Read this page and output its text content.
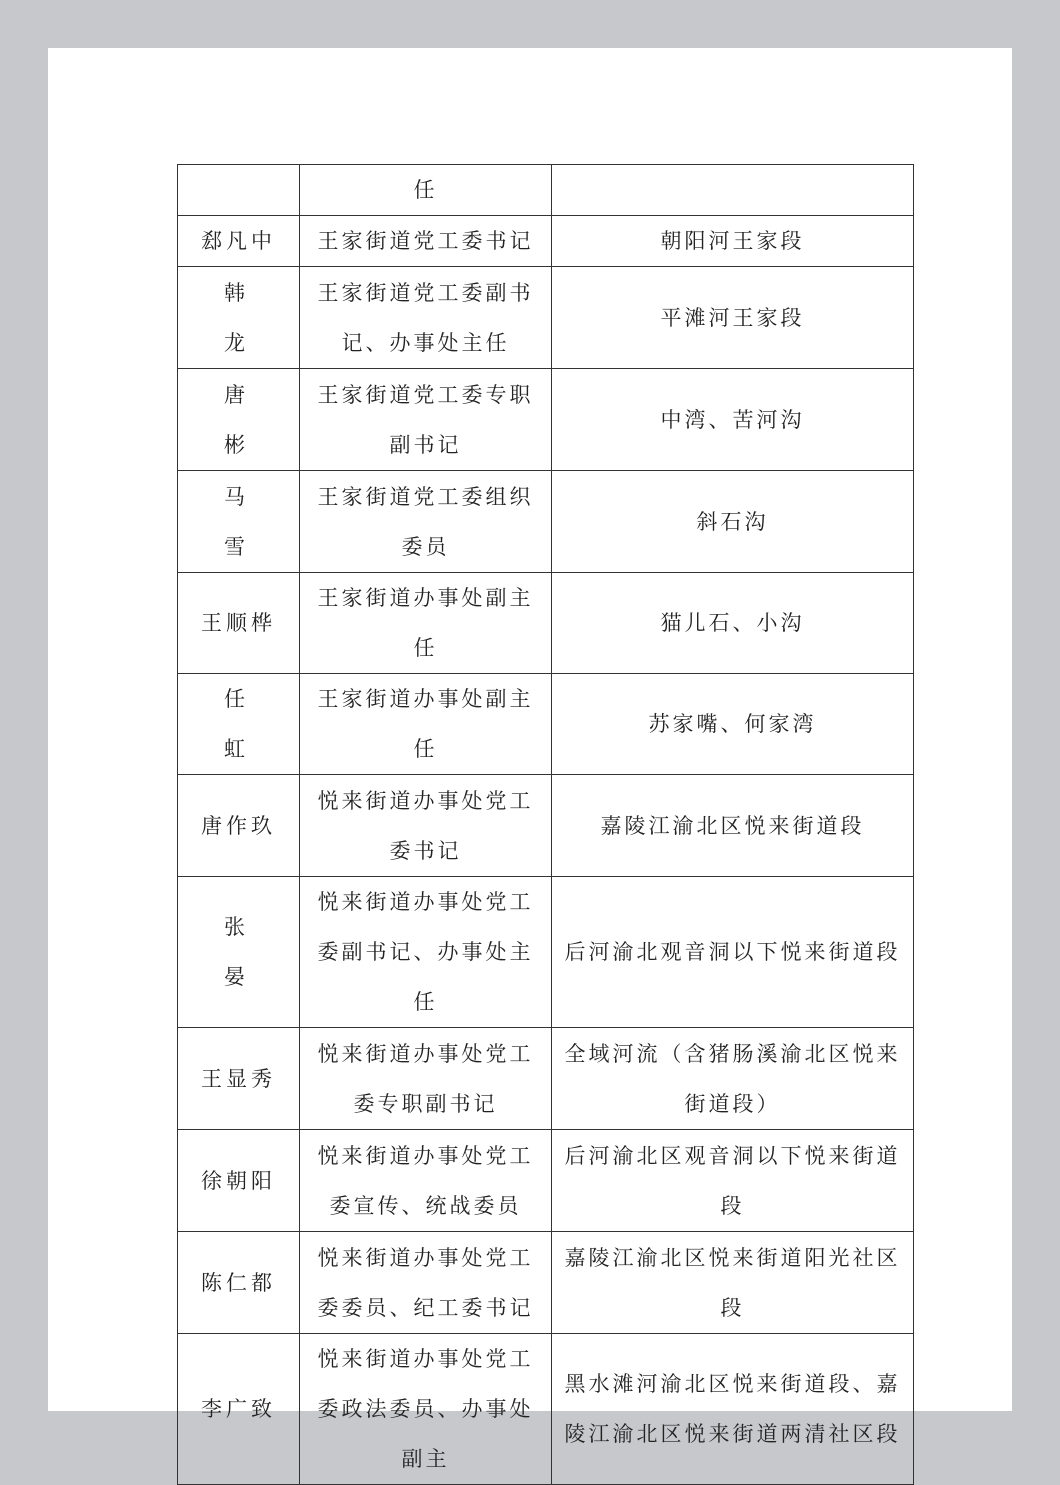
	任	
郄凡中	王家街道党工委书记	朝阳河王家段
韩龙	王家街道党工委副书记、办事处主任	平滩河王家段
唐彬	王家街道党工委专职副书记	中湾、苦河沟
马雪	王家街道党工委组织委员	斜石沟
王顺桦	王家街道办事处副主任	猫儿石、小沟
任虹	王家街道办事处副主任	苏家嘴、何家湾
唐作玖	悦来街道办事处党工委书记	嘉陵江渝北区悦来街道段
张晏	悦来街道办事处党工委副书记、办事处主任	后河渝北观音洞以下悦来街道段
王显秀	悦来街道办事处党工委专职副书记	全域河流（含猪肠溪渝北区悦来街道段）
徐朝阳	悦来街道办事处党工委宣传、统战委员	后河渝北区观音洞以下悦来街道段
陈仁都	悦来街道办事处党工委委员、纪工委书记	嘉陵江渝北区悦来街道阳光社区段
李广致	悦来街道办事处党工委政法委员、办事处副主	黑水滩河渝北区悦来街道段、嘉陵江渝北区悦来街道两清社区段
